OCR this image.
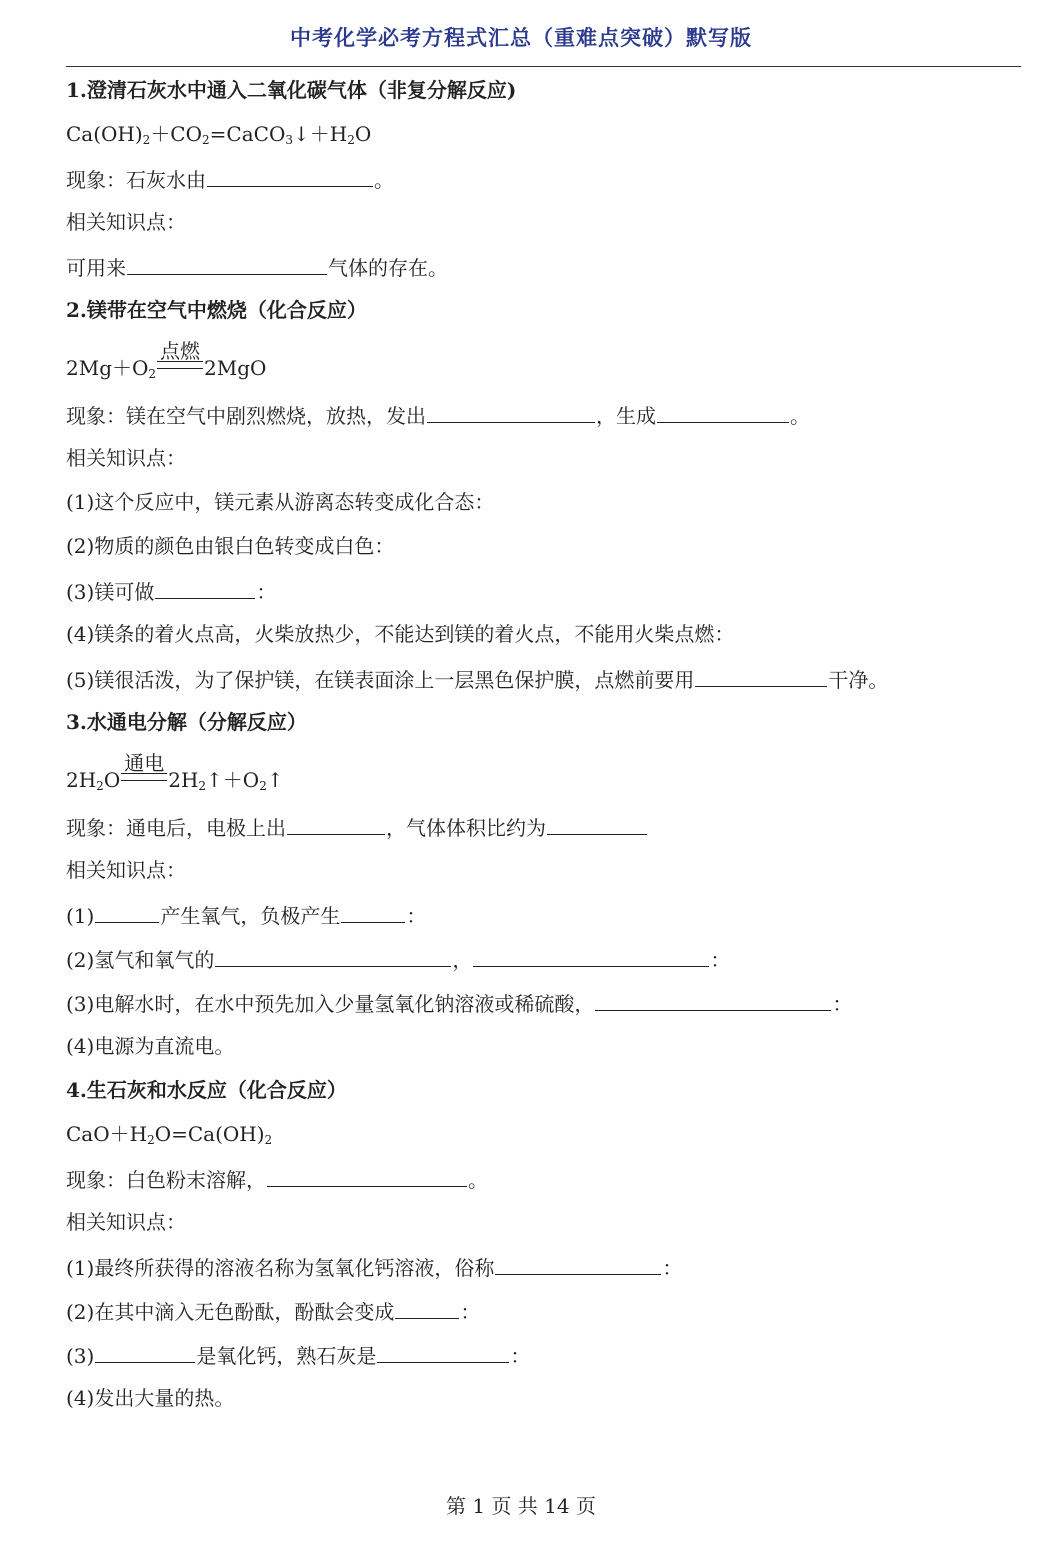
中考化学必考方程式汇总（重难点突破）默写版
1.澄清石灰水中通入二氧化碳气体（非复分解反应)
$Ca(OH)_2+CO_2=CaCO_3↓+H_2O$
现象：石灰水由	。
相关知识点：
可用来	气体的存在。
2.镁带在空气中燃烧（化合反应）
$2Mg+O_2$
点燃
2MgO
现象：镁在空气中剧烈燃烧，放热，发出	，生成	。
相关知识点：
(1)这个反应中，镁元素从游离态转变成化合态：
(2)物质的颜色由银白色转变成白色：
(3)镁可做	：
(4)镁条的着火点高，火柴放热少，不能达到镁的着火点，不能用火柴点燃：
(5)镁很活泼，为了保护镁，在镁表面涂上一层黑色保护膜，点燃前要用	干净。
3.水通电分解（分解反应）
$2H_2O$
通电
$2H_2↑+O_2↑$
现象：通电后，电极上出	，气体体积比约为
相关知识点：
(1)	产生氧气，负极产生	：
(2)氢气和氧气的	，	：
(3)电解水时，在水中预先加入少量氢氧化钠溶液或稀硫酸，	：
(4)电源为直流电。
4.生石灰和水反应（化合反应）
$CaO+H_2O=Ca(OH)_2$
现象：白色粉末溶解，	。
相关知识点：
(1)最终所获得的溶液名称为氢氧化钙溶液，俗称	：
(2)在其中滴入无色酚酞，酚酞会变成	：
(3)	是氧化钙，熟石灰是	：
(4)发出大量的热。
第 1 页 共 14 页
